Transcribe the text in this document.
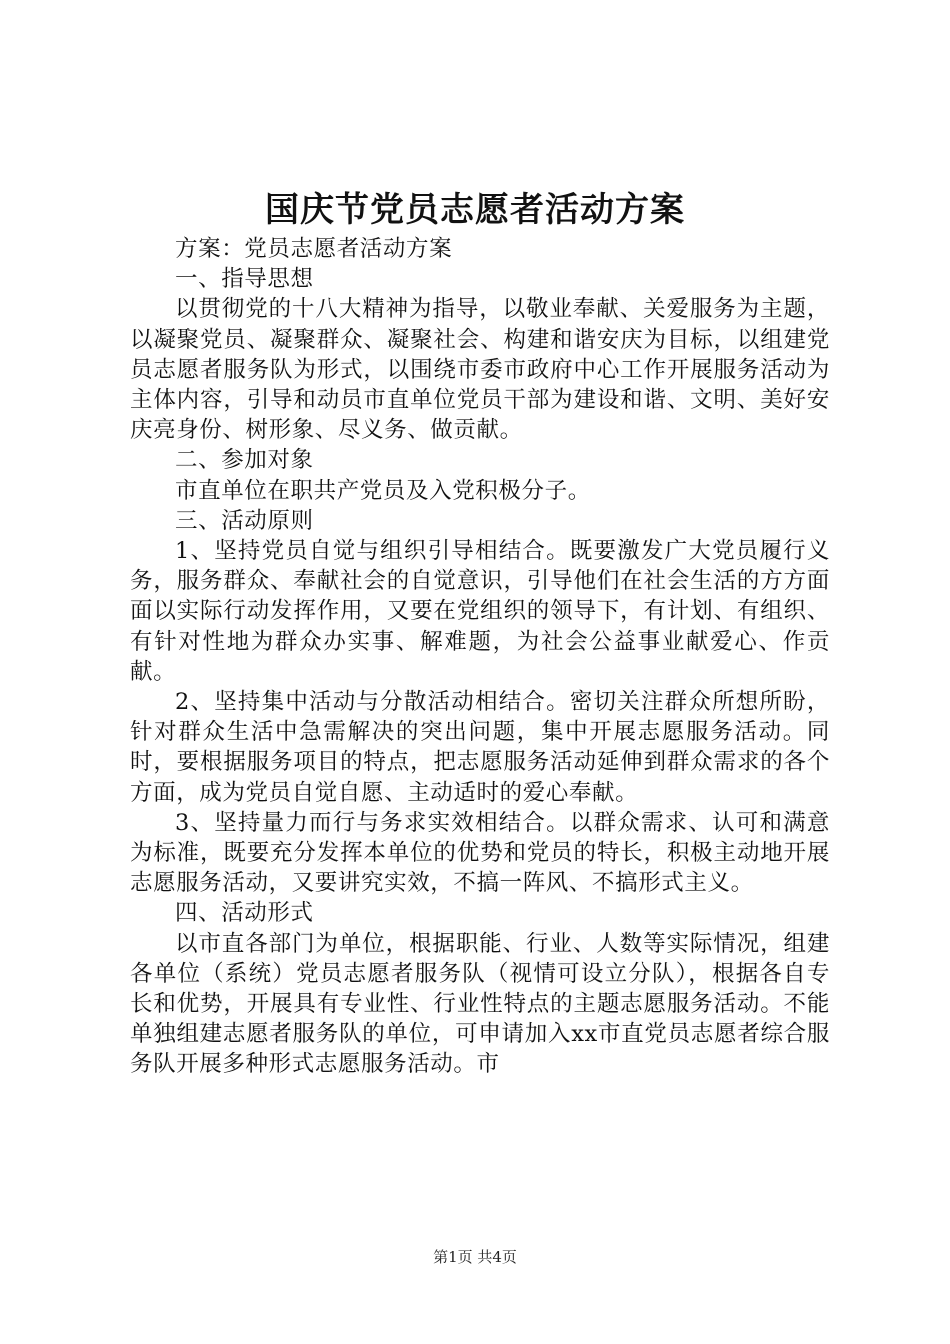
国庆节党员志愿者活动方案

方案：党员志愿者活动方案

一、指导思想

以贯彻党的十八大精神为指导，以敬业奉献、关爱服务为主题，以凝聚党员、凝聚群众、凝聚社会、构建和谐安庆为目标，以组建党员志愿者服务队为形式，以围绕市委市政府中心工作开展服务活动为主体内容，引导和动员市直单位党员干部为建设和谐、文明、美好安庆亮身份、树形象、尽义务、做贡献。

二、参加对象

市直单位在职共产党员及入党积极分子。

三、活动原则

1、坚持党员自觉与组织引导相结合。既要激发广大党员履行义务，服务群众、奉献社会的自觉意识，引导他们在社会生活的方方面面以实际行动发挥作用，又要在党组织的领导下，有计划、有组织、有针对性地为群众办实事、解难题，为社会公益事业献爱心、作贡献。

2、坚持集中活动与分散活动相结合。密切关注群众所想所盼，针对群众生活中急需解决的突出问题，集中开展志愿服务活动。同时，要根据服务项目的特点，把志愿服务活动延伸到群众需求的各个方面，成为党员自觉自愿、主动适时的爱心奉献。

3、坚持量力而行与务求实效相结合。以群众需求、认可和满意为标准，既要充分发挥本单位的优势和党员的特长，积极主动地开展志愿服务活动，又要讲究实效，不搞一阵风、不搞形式主义。

四、活动形式

以市直各部门为单位，根据职能、行业、人数等实际情况，组建各单位（系统）党员志愿者服务队（视情可设立分队），根据各自专长和优势，开展具有专业性、行业性特点的主题志愿服务活动。不能单独组建志愿者服务队的单位，可申请加入xx市直党员志愿者综合服务队开展多种形式志愿服务活动。市

第1页 共4页
